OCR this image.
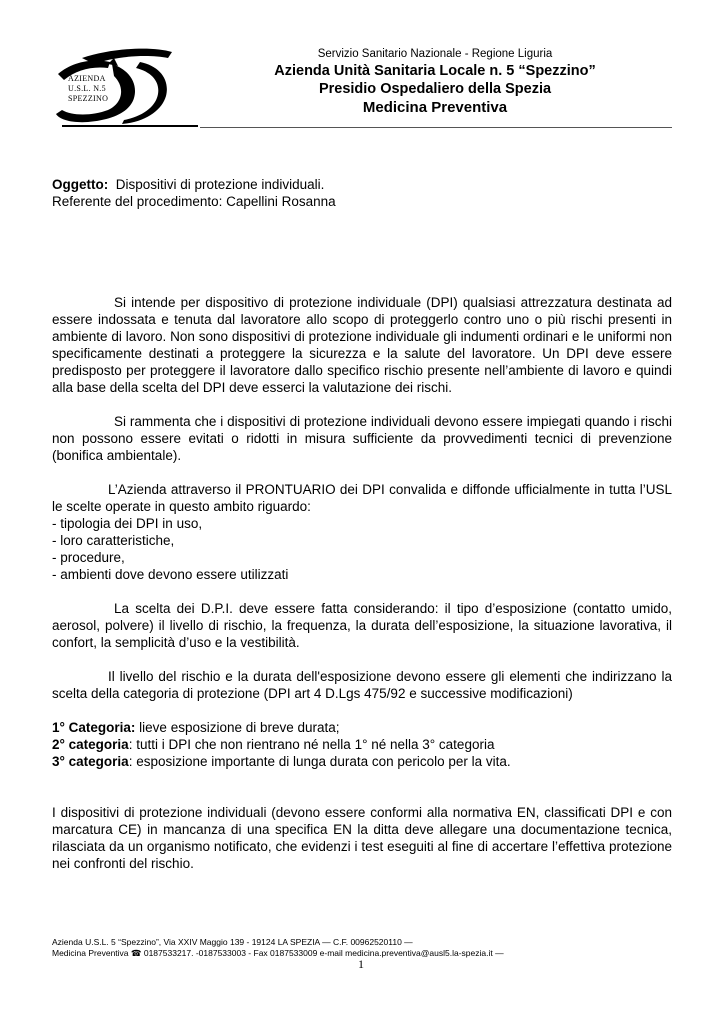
AZIENDA
U.S.L. N.5
SPEZZINO
Servizio Sanitario Nazionale - Regione Liguria
Azienda Unità Sanitaria Locale n. 5 “Spezzino”
Presidio Ospedaliero della Spezia
Medicina Preventiva
Oggetto: Dispositivi di protezione individuali.
Referente del procedimento: Capellini Rosanna

Si intende per dispositivo di protezione individuale (DPI) qualsiasi attrezzatura destinata ad essere indossata e tenuta dal lavoratore allo scopo di proteggerlo contro uno o più rischi presenti in ambiente di lavoro. Non sono dispositivi di protezione individuale gli indumenti ordinari e le uniformi non specificamente destinati a proteggere la sicurezza e la salute del lavoratore. Un DPI deve essere predisposto per proteggere il lavoratore dallo specifico rischio presente nell’ambiente di lavoro e quindi alla base della scelta del DPI deve esserci la valutazione dei rischi.

Si rammenta che i dispositivi di protezione individuali devono essere impiegati quando i rischi non possono essere evitati o ridotti in misura sufficiente da provvedimenti tecnici di prevenzione (bonifica ambientale).

L’Azienda attraverso il PRONTUARIO dei DPI convalida e diffonde ufficialmente in tutta l’USL le scelte operate in questo ambito riguardo:

- tipologia dei DPI in uso,
- loro caratteristiche,
- procedure,
- ambienti dove devono essere utilizzati

La scelta dei D.P.I. deve essere fatta considerando: il tipo d’esposizione (contatto umido, aerosol, polvere) il livello di rischio, la frequenza, la durata dell’esposizione, la situazione lavorativa, il confort, la semplicità d’uso e la vestibilità.

Il livello del rischio e la durata dell'esposizione devono essere gli elementi che indirizzano la scelta della categoria di protezione (DPI art 4 D.Lgs 475/92 e successive modificazioni)

1° Categoria: lieve esposizione di breve durata;
2° categoria: tutti i DPI che non rientrano né nella 1° né nella 3° categoria
3° categoria: esposizione importante di lunga durata con pericolo per la vita.

I dispositivi di protezione individuali (devono essere conformi alla normativa EN, classificati DPI e con marcatura CE) in mancanza di una specifica EN la ditta deve allegare una documentazione tecnica, rilasciata da un organismo notificato, che evidenzi i test eseguiti al fine di accertare l’effettiva protezione nei confronti del rischio.

Azienda U.S.L. 5 “Spezzino”, Via XXIV Maggio 139 - 19124 LA SPEZIA — C.F. 00962520110 —
Medicina Preventiva ☎ 0187533217. -0187533003 - Fax 0187533009 e-mail medicina.preventiva@ausl5.la-spezia.it —
1
